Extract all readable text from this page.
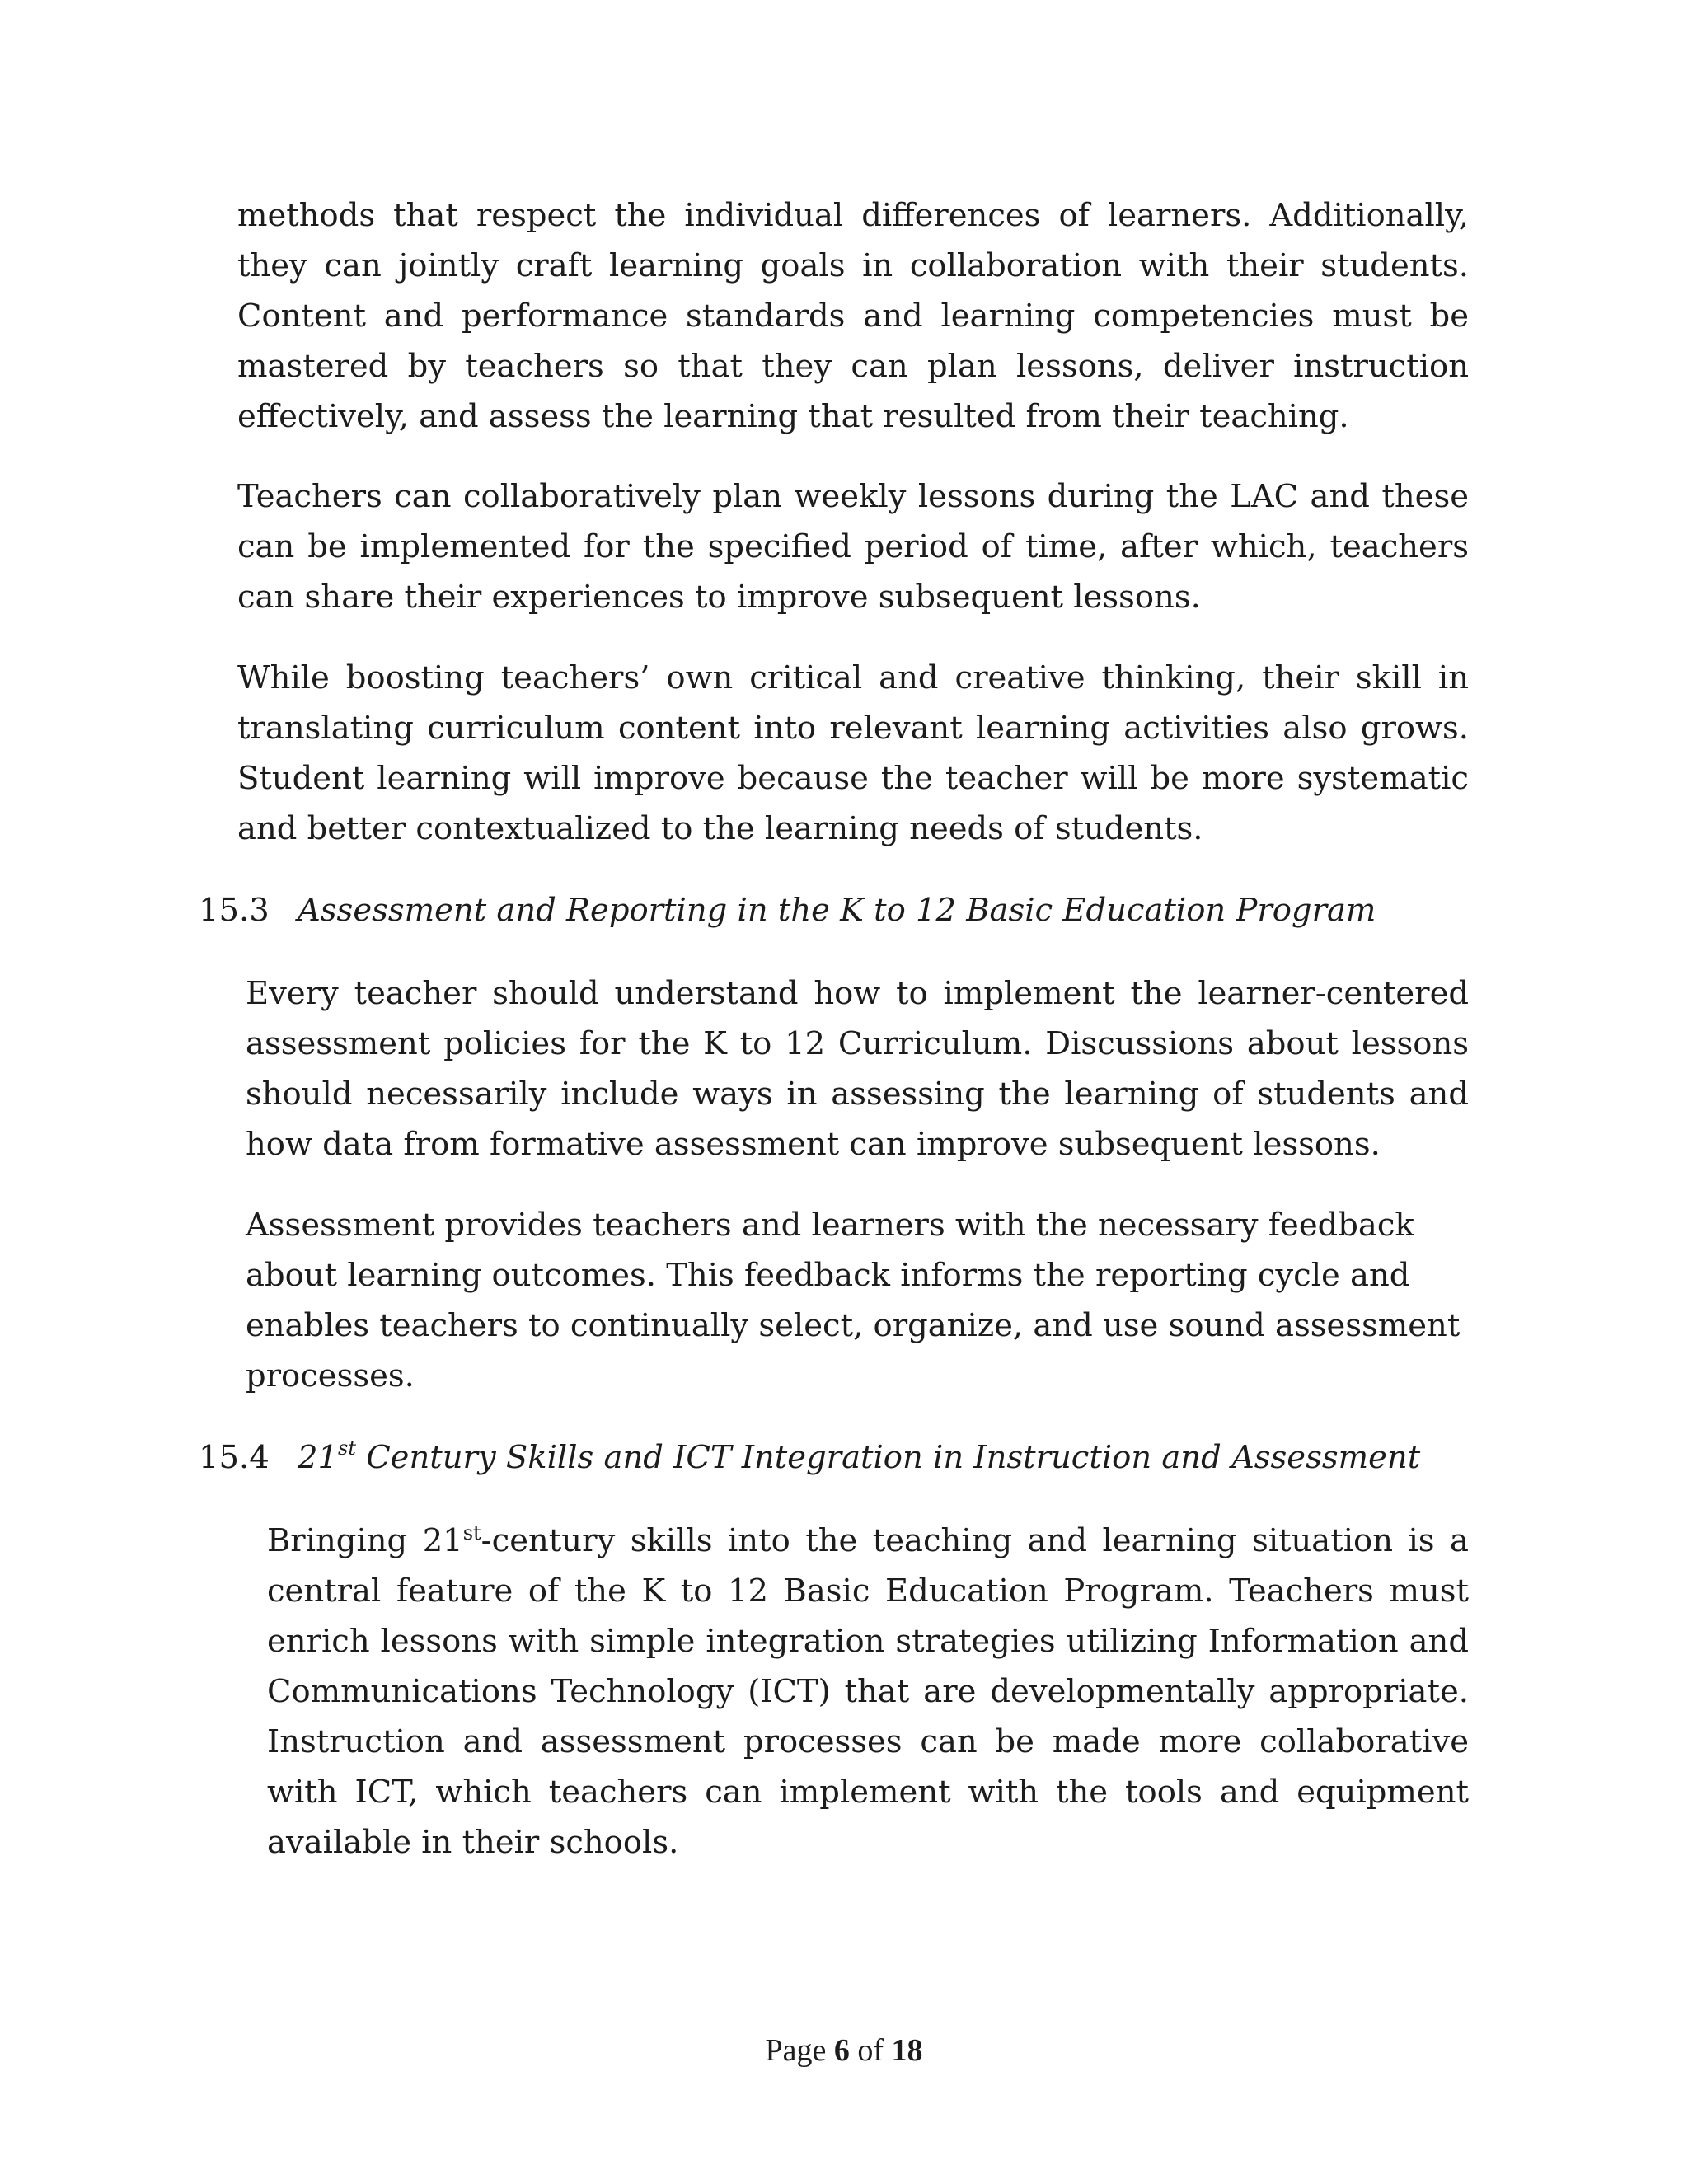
methods that respect the individual differences of learners. Additionally, they can jointly craft learning goals in collaboration with their students. Content and performance standards and learning competencies must be mastered by teachers so that they can plan lessons, deliver instruction effectively, and assess the learning that resulted from their teaching.

Teachers can collaboratively plan weekly lessons during the LAC and these can be implemented for the specified period of time, after which, teachers can share their experiences to improve subsequent lessons.

While boosting teachers’ own critical and creative thinking, their skill in translating curriculum content into relevant learning activities also grows. Student learning will improve because the teacher will be more systematic and better contextualized to the learning needs of students.

15.3 Assessment and Reporting in the K to 12 Basic Education Program

Every teacher should understand how to implement the learner-centered assessment policies for the K to 12 Curriculum. Discussions about lessons should necessarily include ways in assessing the learning of students and how data from formative assessment can improve subsequent lessons.

Assessment provides teachers and learners with the necessary feedback about learning outcomes. This feedback informs the reporting cycle and enables teachers to continually select, organize, and use sound assessment processes.

15.4 21st Century Skills and ICT Integration in Instruction and Assessment

Bringing 21st-century skills into the teaching and learning situation is a central feature of the K to 12 Basic Education Program. Teachers must enrich lessons with simple integration strategies utilizing Information and Communications Technology (ICT) that are developmentally appropriate. Instruction and assessment processes can be made more collaborative with ICT, which teachers can implement with the tools and equipment available in their schools.

Page 6 of 18
